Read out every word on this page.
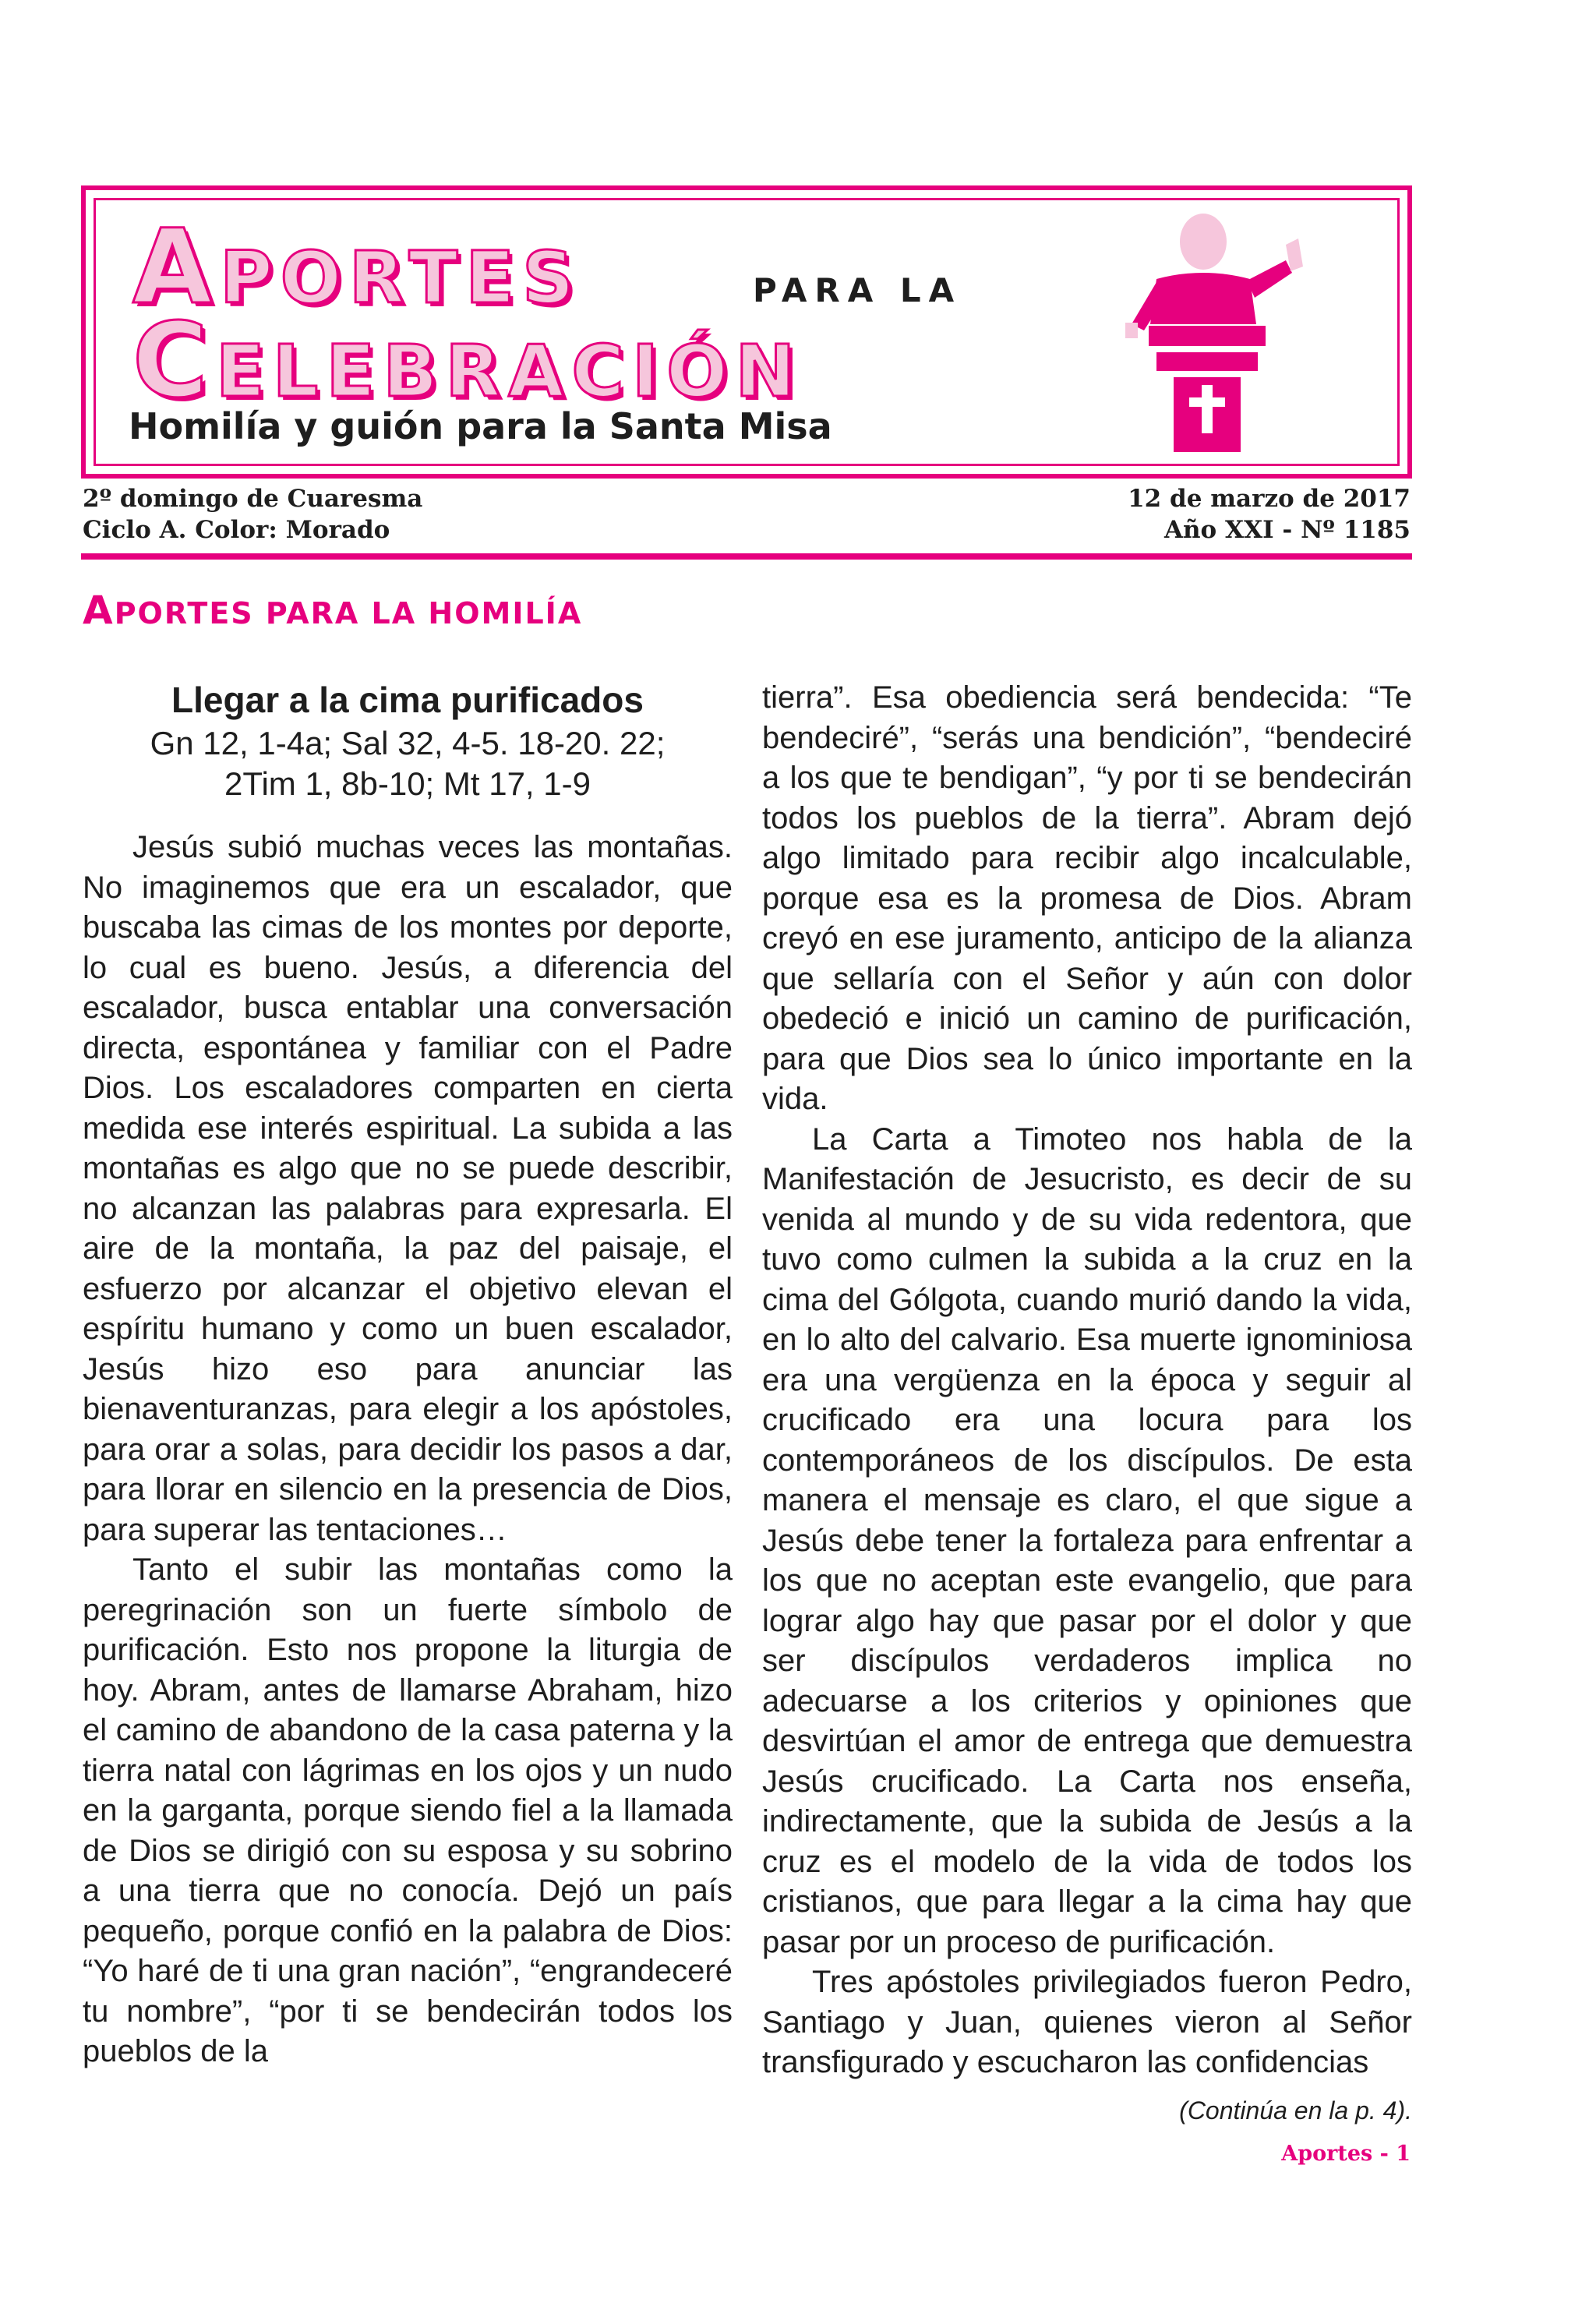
APORTES	PARA LA
CELEBRACIÓN
Homilía y guión para la Santa Misa
2º domingo de Cuaresma
Ciclo A. Color: Morado
12 de marzo de 2017
Año XXI - Nº 1185
APORTES PARA LA HOMILÍA

Llegar a la cima purificados

Gn 12, 1-4a; Sal 32, 4-5. 18-20. 22;
2Tim 1, 8b-10; Mt 17, 1-9

Jesús subió muchas veces las montañas. No imaginemos que era un escalador, que buscaba las cimas de los montes por deporte, lo cual es bueno. Jesús, a diferencia del escalador, busca entablar una conversación directa, espontánea y familiar con el Padre Dios. Los escaladores comparten en cierta medida ese interés espiritual. La subida a las montañas es algo que no se puede describir, no alcanzan las palabras para expresarla. El aire de la montaña, la paz del paisaje, el esfuerzo por alcanzar el objetivo elevan el espíritu humano y como un buen escalador, Jesús hizo eso para anunciar las bienaventuranzas, para elegir a los apóstoles, para orar a solas, para decidir los pasos a dar, para llorar en silencio en la presencia de Dios, para superar las tentaciones…

Tanto el subir las montañas como la peregrinación son un fuerte símbolo de purificación. Esto nos propone la liturgia de hoy. Abram, antes de llamarse Abraham, hizo el camino de abandono de la casa paterna y la tierra natal con lágrimas en los ojos y un nudo en la garganta, porque siendo fiel a la llamada de Dios se dirigió con su esposa y su sobrino a una tierra que no conocía. Dejó un país pequeño, porque confió en la palabra de Dios: “Yo haré de ti una gran nación”, “engrandeceré tu nombre”, “por ti se bendecirán todos los pueblos de la

tierra”. Esa obediencia será bendecida: “Te bendeciré”, “serás una bendición”, “bendeciré a los que te bendigan”, “y por ti se bendecirán todos los pueblos de la tierra”. Abram dejó algo limitado para recibir algo incalculable, porque esa es la promesa de Dios. Abram creyó en ese juramento, anticipo de la alianza que sellaría con el Señor y aún con dolor obedeció e inició un camino de purificación, para que Dios sea lo único importante en la vida.

La Carta a Timoteo nos habla de la Manifestación de Jesucristo, es decir de su venida al mundo y de su vida redentora, que tuvo como culmen la subida a la cruz en la cima del Gólgota, cuando murió dando la vida, en lo alto del calvario. Esa muerte ignominiosa era una vergüenza en la época y seguir al crucificado era una locura para los contemporáneos de los discípulos. De esta manera el mensaje es claro, el que sigue a Jesús debe tener la fortaleza para enfrentar a los que no aceptan este evangelio, que para lograr algo hay que pasar por el dolor y que ser discípulos verdaderos implica no adecuarse a los criterios y opiniones que desvirtúan el amor de entrega que demuestra Jesús crucificado. La Carta nos enseña, indirectamente, que la subida de Jesús a la cruz es el modelo de la vida de todos los cristianos, que para llegar a la cima hay que pasar por un proceso de purificación.

Tres apóstoles privilegiados fueron Pedro, Santiago y Juan, quienes vieron al Señor transfigurado y escucharon las confidencias

(Continúa en la p. 4).
Aportes - 1
